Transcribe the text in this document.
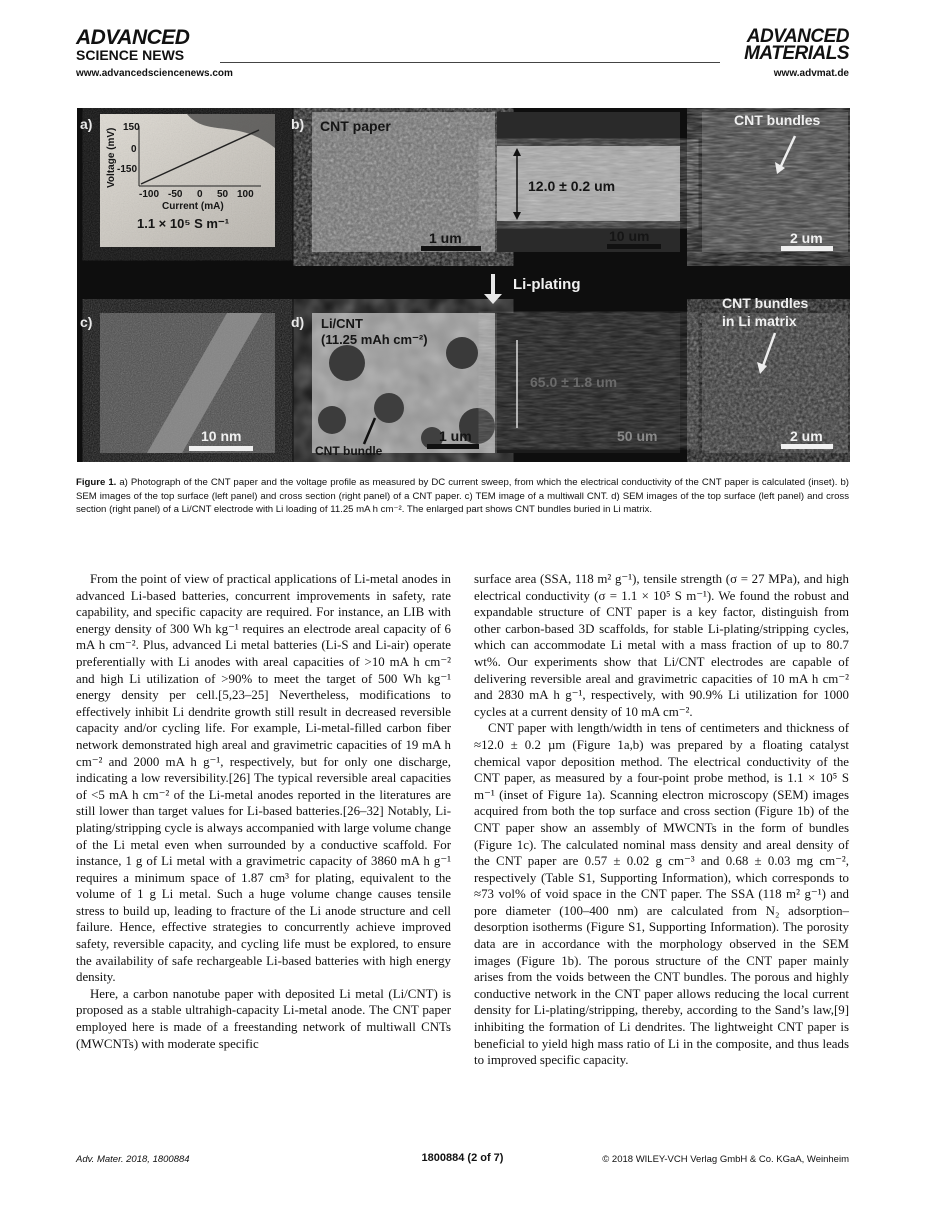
ADVANCED
SCIENCE NEWS
ADVANCED
MATERIALS
www.advancedsciencenews.com	www.advmat.de
a)
Voltage (mV)
150
0
-150
-100 -50 0 50 100
Current (mA)
1.1 × 10⁵ S m⁻¹
b) CNT paper
12.0 ± 0.2 um
1 um	10 um
CNT bundles
2 um
Li-plating
c)
10 nm
d) Li/CNT
(11.25 mAh cm⁻²)
CNT bundle
65.0 ± 1.8 um
1 um	50 um
CNT bundles
in Li matrix
2 um
Figure 1. a) Photograph of the CNT paper and the voltage profile as measured by DC current sweep, from which the electrical conductivity of the CNT paper is calculated (inset). b) SEM images of the top surface (left panel) and cross section (right panel) of a CNT paper. c) TEM image of a multiwall CNT. d) SEM images of the top surface (left panel) and cross section (right panel) of a Li/CNT electrode with Li loading of 11.25 mA h cm⁻². The enlarged part shows CNT bundles buried in Li matrix.

From the point of view of practical applications of Li-metal anodes in advanced Li-based batteries, concurrent improvements in safety, rate capability, and specific capacity are required. For instance, an LIB with energy density of 300 Wh kg⁻¹ requires an electrode areal capacity of 6 mA h cm⁻². Plus, advanced Li metal batteries (Li-S and Li-air) operate preferentially with Li anodes with areal capacities of >10 mA h cm⁻² and high Li utilization of >90% to meet the target of 500 Wh kg⁻¹ energy density per cell.[5,23–25] Nevertheless, modifications to effectively inhibit Li dendrite growth still result in decreased reversible capacity and/or cycling life. For example, Li-metal-filled carbon fiber network demonstrated high areal and gravimetric capacities of 19 mA h cm⁻² and 2000 mA h g⁻¹, respectively, but for only one discharge, indicating a low reversibility.[26] The typical reversible areal capacities of <5 mA h cm⁻² of the Li-metal anodes reported in the literatures are still lower than target values for Li-based batteries.[26–32] Notably, Li-plating/stripping cycle is always accompanied with large volume change of the Li metal even when surrounded by a conductive scaffold. For instance, 1 g of Li metal with a gravimetric capacity of 3860 mA h g⁻¹ requires a minimum space of 1.87 cm³ for plating, equivalent to the volume of 1 g Li metal. Such a huge volume change causes tensile stress to build up, leading to fracture of the Li anode structure and cell failure. Hence, effective strategies to concurrently achieve improved safety, reversible capacity, and cycling life must be explored, to ensure the availability of safe rechargeable Li-based batteries with high energy density.

Here, a carbon nanotube paper with deposited Li metal (Li/CNT) is proposed as a stable ultrahigh-capacity Li-metal anode. The CNT paper employed here is made of a freestanding network of multiwall CNTs (MWCNTs) with moderate specific

surface area (SSA, 118 m² g⁻¹), tensile strength (σ = 27 MPa), and high electrical conductivity (σ = 1.1 × 10⁵ S m⁻¹). We found the robust and expandable structure of CNT paper is a key factor, distinguish from other carbon-based 3D scaffolds, for stable Li-plating/stripping cycles, which can accommodate Li metal with a mass fraction of up to 80.7 wt%. Our experiments show that Li/CNT electrodes are capable of delivering reversible areal and gravimetric capacities of 10 mA h cm⁻² and 2830 mA h g⁻¹, respectively, with 90.9% Li utilization for 1000 cycles at a current density of 10 mA cm⁻².

CNT paper with length/width in tens of centimeters and thickness of ≈12.0 ± 0.2 µm (Figure 1a,b) was prepared by a floating catalyst chemical vapor deposition method. The electrical conductivity of the CNT paper, as measured by a four-point probe method, is 1.1 × 10⁵ S m⁻¹ (inset of Figure 1a). Scanning electron microscopy (SEM) images acquired from both the top surface and cross section (Figure 1b) of the CNT paper show an assembly of MWCNTs in the form of bundles (Figure 1c). The calculated nominal mass density and areal density of the CNT paper are 0.57 ± 0.02 g cm⁻³ and 0.68 ± 0.03 mg cm⁻², respectively (Table S1, Supporting Information), which corresponds to ≈73 vol% of void space in the CNT paper. The SSA (118 m² g⁻¹) and pore diameter (100–400 nm) are calculated from N₂ adsorption–desorption isotherms (Figure S1, Supporting Information). The porosity data are in accordance with the morphology observed in the SEM images (Figure 1b). The porous structure of the CNT paper mainly arises from the voids between the CNT bundles. The porous and highly conductive network in the CNT paper allows reducing the local current density for Li-plating/stripping, thereby, according to the Sand’s law,[9] inhibiting the formation of Li dendrites. The lightweight CNT paper is beneficial to yield high mass ratio of Li in the composite, and thus leads to improved specific capacity.

Adv. Mater. 2018, 1800884	1800884 (2 of 7)	© 2018 WILEY-VCH Verlag GmbH & Co. KGaA, Weinheim
